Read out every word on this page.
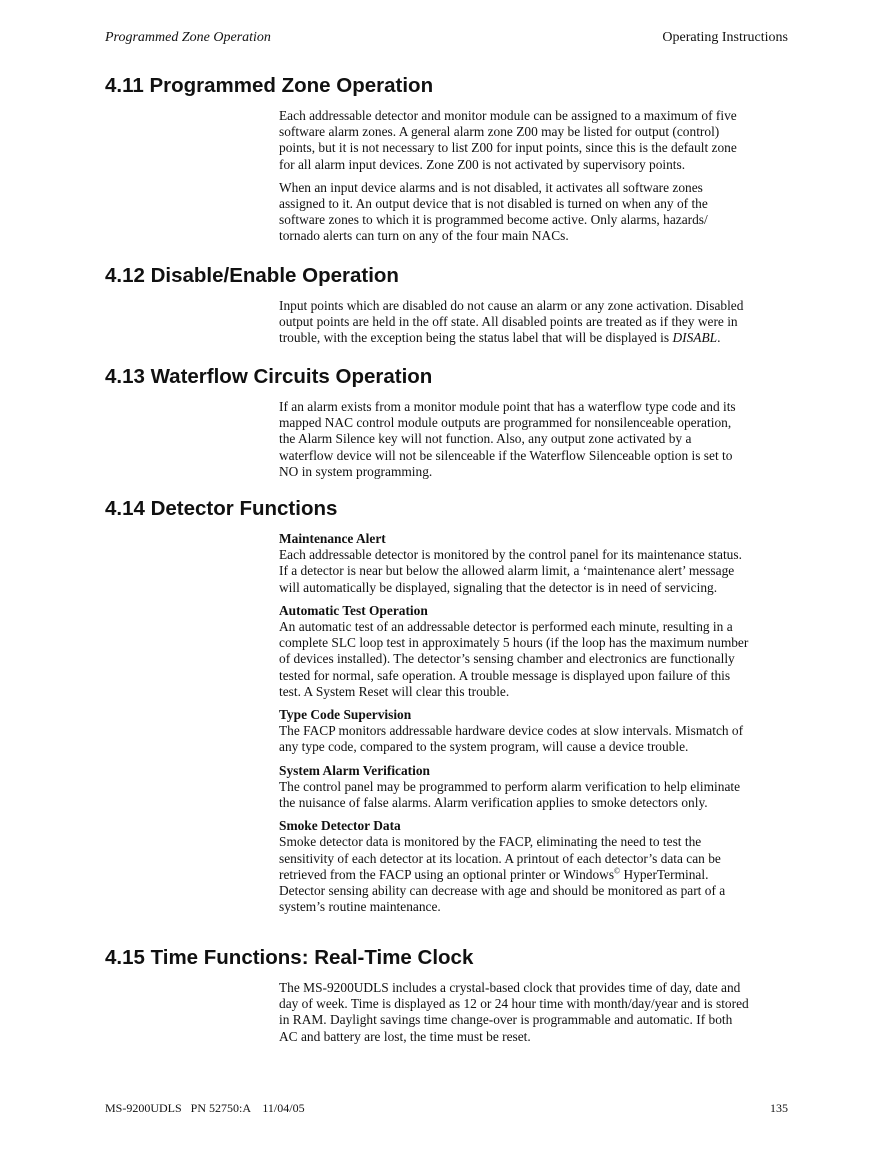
Programmed Zone Operation	Operating Instructions
4.11 Programmed Zone Operation

Each addressable detector and monitor module can be assigned to a maximum of five

software alarm zones. A general alarm zone Z00 may be listed for output (control)

points, but it is not necessary to list Z00 for input points, since this is the default zone

for all alarm input devices. Zone Z00 is not activated by supervisory points.

When an input device alarms and is not disabled, it activates all software zones

assigned to it. An output device that is not disabled is turned on when any of the

software zones to which it is programmed become active. Only alarms, hazards/

tornado alerts can turn on any of the four main NACs.

4.12 Disable/Enable Operation

Input points which are disabled do not cause an alarm or any zone activation. Disabled

output points are held in the off state. All disabled points are treated as if they were in

trouble, with the exception being the status label that will be displayed is DISABL.

4.13 Waterflow Circuits Operation

If an alarm exists from a monitor module point that has a waterflow type code and its

mapped NAC control module outputs are programmed for nonsilenceable operation,

the Alarm Silence key will not function. Also, any output zone activated by a

waterflow device will not be silenceable if the Waterflow Silenceable option is set to

NO in system programming.

4.14 Detector Functions

Maintenance Alert

Each addressable detector is monitored by the control panel for its maintenance status.

If a detector is near but below the allowed alarm limit, a ‘maintenance alert’ message

will automatically be displayed, signaling that the detector is in need of servicing.

Automatic Test Operation

An automatic test of an addressable detector is performed each minute, resulting in a

complete SLC loop test in approximately 5 hours (if the loop has the maximum number

of devices installed). The detector’s sensing chamber and electronics are functionally

tested for normal, safe operation. A trouble message is displayed upon failure of this

test. A System Reset will clear this trouble.

Type Code Supervision

The FACP monitors addressable hardware device codes at slow intervals. Mismatch of

any type code, compared to the system program, will cause a device trouble.

System Alarm Verification

The control panel may be programmed to perform alarm verification to help eliminate

the nuisance of false alarms. Alarm verification applies to smoke detectors only.

Smoke Detector Data

Smoke detector data is monitored by the FACP, eliminating the need to test the

sensitivity of each detector at its location. A printout of each detector’s data can be

retrieved from the FACP using an optional printer or Windows© HyperTerminal.

Detector sensing ability can decrease with age and should be monitored as part of a

system’s routine maintenance.

4.15 Time Functions: Real-Time Clock

The MS-9200UDLS includes a crystal-based clock that provides time of day, date and

day of week. Time is displayed as 12 or 24 hour time with month/day/year and is stored

in RAM. Daylight savings time change-over is programmable and automatic. If both

AC and battery are lost, the time must be reset.

MS-9200UDLS   PN 52750:A    11/04/05	135
